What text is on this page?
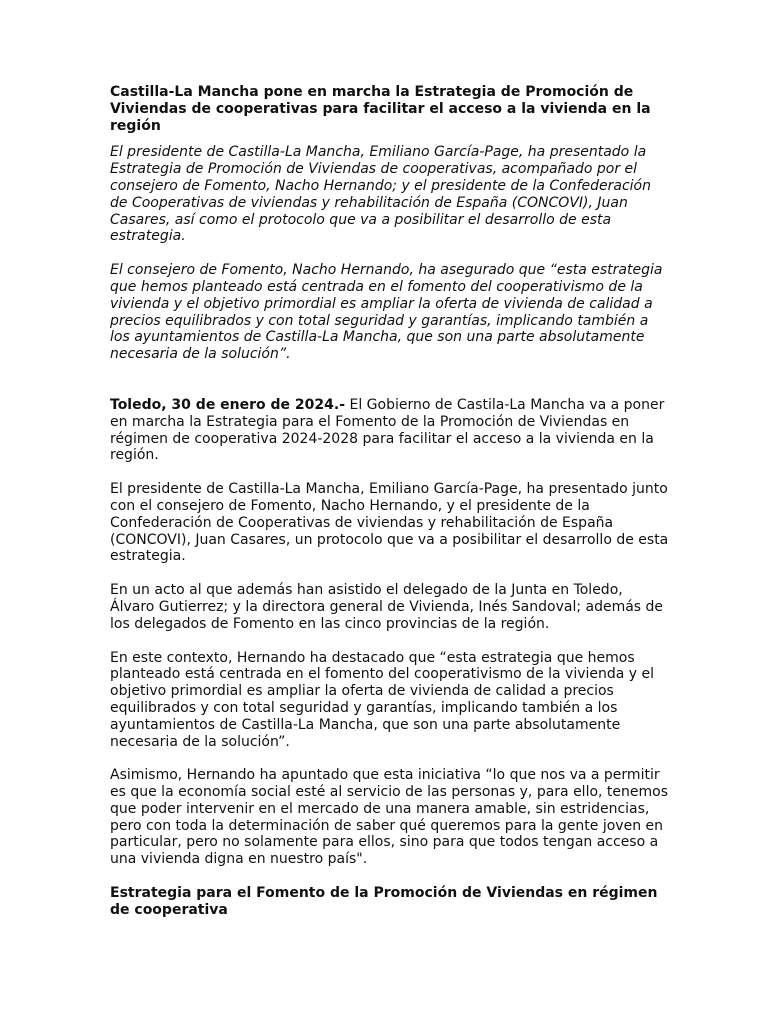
Castilla-La Mancha pone en marcha la Estrategia de Promoción de Viviendas de cooperativas para facilitar el acceso a la vivienda en la región

El presidente de Castilla-La Mancha, Emiliano García-Page, ha presentado la Estrategia de Promoción de Viviendas de cooperativas, acompañado por el consejero de Fomento, Nacho Hernando; y el presidente de la Confederación de Cooperativas de viviendas y rehabilitación de España (CONCOVI), Juan Casares, así como el protocolo que va a posibilitar el desarrollo de esta estrategia.

El consejero de Fomento, Nacho Hernando, ha asegurado que “esta estrategia que hemos planteado está centrada en el fomento del cooperativismo de la vivienda y el objetivo primordial es ampliar la oferta de vivienda de calidad a precios equilibrados y con total seguridad y garantías, implicando también a los ayuntamientos de Castilla-La Mancha, que son una parte absolutamente necesaria de la solución”.

Toledo, 30 de enero de 2024.- El Gobierno de Castila-La Mancha va a poner en marcha la Estrategia para el Fomento de la Promoción de Viviendas en régimen de cooperativa 2024-2028 para facilitar el acceso a la vivienda en la región.

El presidente de Castilla-La Mancha, Emiliano García-Page, ha presentado junto con el consejero de Fomento, Nacho Hernando, y el presidente de la Confederación de Cooperativas de viviendas y rehabilitación de España (CONCOVI), Juan Casares, un protocolo que va a posibilitar el desarrollo de esta estrategia.

En un acto al que además han asistido el delegado de la Junta en Toledo, Álvaro Gutierrez; y la directora general de Vivienda, Inés Sandoval; además de los delegados de Fomento en las cinco provincias de la región.

En este contexto, Hernando ha destacado que “esta estrategia que hemos planteado está centrada en el fomento del cooperativismo de la vivienda y el objetivo primordial es ampliar la oferta de vivienda de calidad a precios equilibrados y con total seguridad y garantías, implicando también a los ayuntamientos de Castilla-La Mancha, que son una parte absolutamente necesaria de la solución”.

Asimismo, Hernando ha apuntado que esta iniciativa “lo que nos va a permitir es que la economía social esté al servicio de las personas y, para ello, tenemos que poder intervenir en el mercado de una manera amable, sin estridencias, pero con toda la determinación de saber qué queremos para la gente joven en particular, pero no solamente para ellos, sino para que todos tengan acceso a una vivienda digna en nuestro país".

Estrategia para el Fomento de la Promoción de Viviendas en régimen de cooperativa
